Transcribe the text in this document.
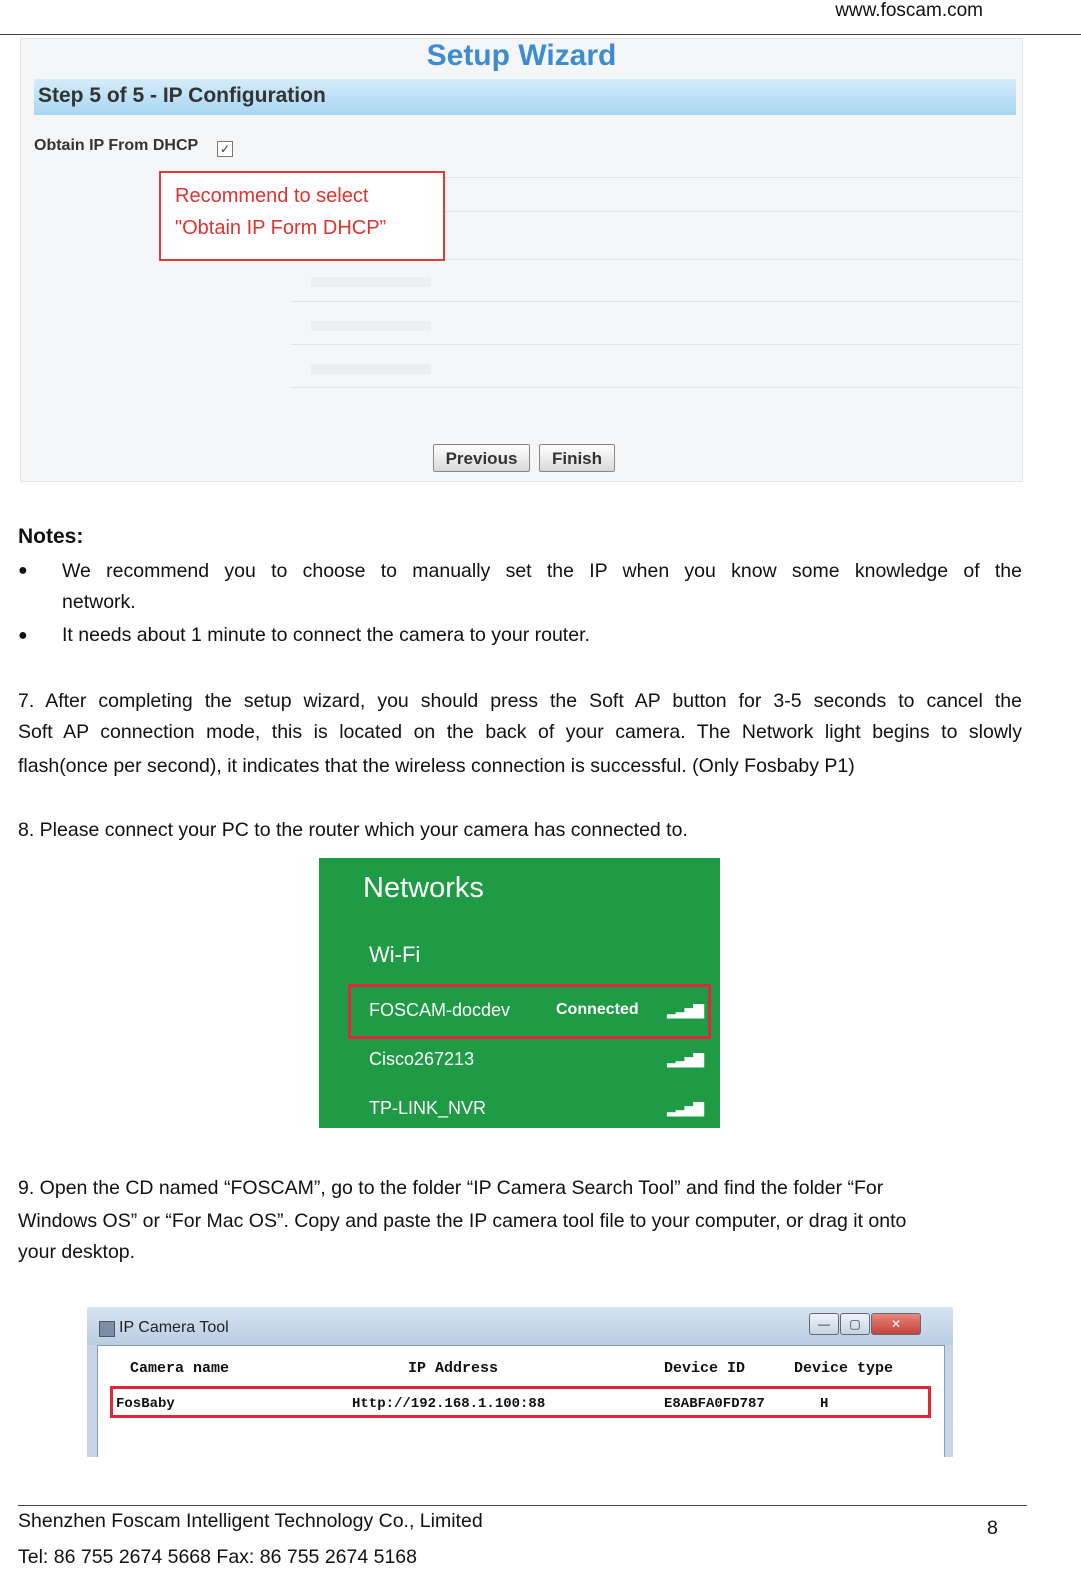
www.foscam.com
Setup Wizard
Step 5 of 5 - IP Configuration
Obtain IP From DHCP ✓
Recommend to select
"Obtain IP Form DHCP”
Previous	Finish
Notes:
● We recommend you to choose to manually set the IP when you know some knowledge of the
network.
● It needs about 1 minute to connect the camera to your router.
7. After completing the setup wizard, you should press the Soft AP button for 3-5 seconds to cancel the
Soft AP connection mode, this is located on the back of your camera. The Network light begins to slowly
flash(once per second), it indicates that the wireless connection is successful. (Only Fosbaby P1)
8. Please connect your PC to the router which your camera has connected to.
Networks
Wi-Fi
FOSCAM-docdev	Connected ▂▃▅▇
Cisco267213	▂▃▅▇
TP-LINK_NVR	▂▃▅▇
9. Open the CD named “FOSCAM”, go to the folder “IP Camera Search Tool” and find the folder “For
Windows OS” or “For Mac OS”. Copy and paste the IP camera tool file to your computer, or drag it onto
your desktop.
IP Camera Tool	—	▢	✕
Camera name	IP Address	Device ID	Device type
FosBaby	Http://192.168.1.100:88	E8ABFA0FD787	H
Shenzhen Foscam Intelligent Technology Co., Limited
Tel: 86 755 2674 5668 Fax: 86 755 2674 5168
8
